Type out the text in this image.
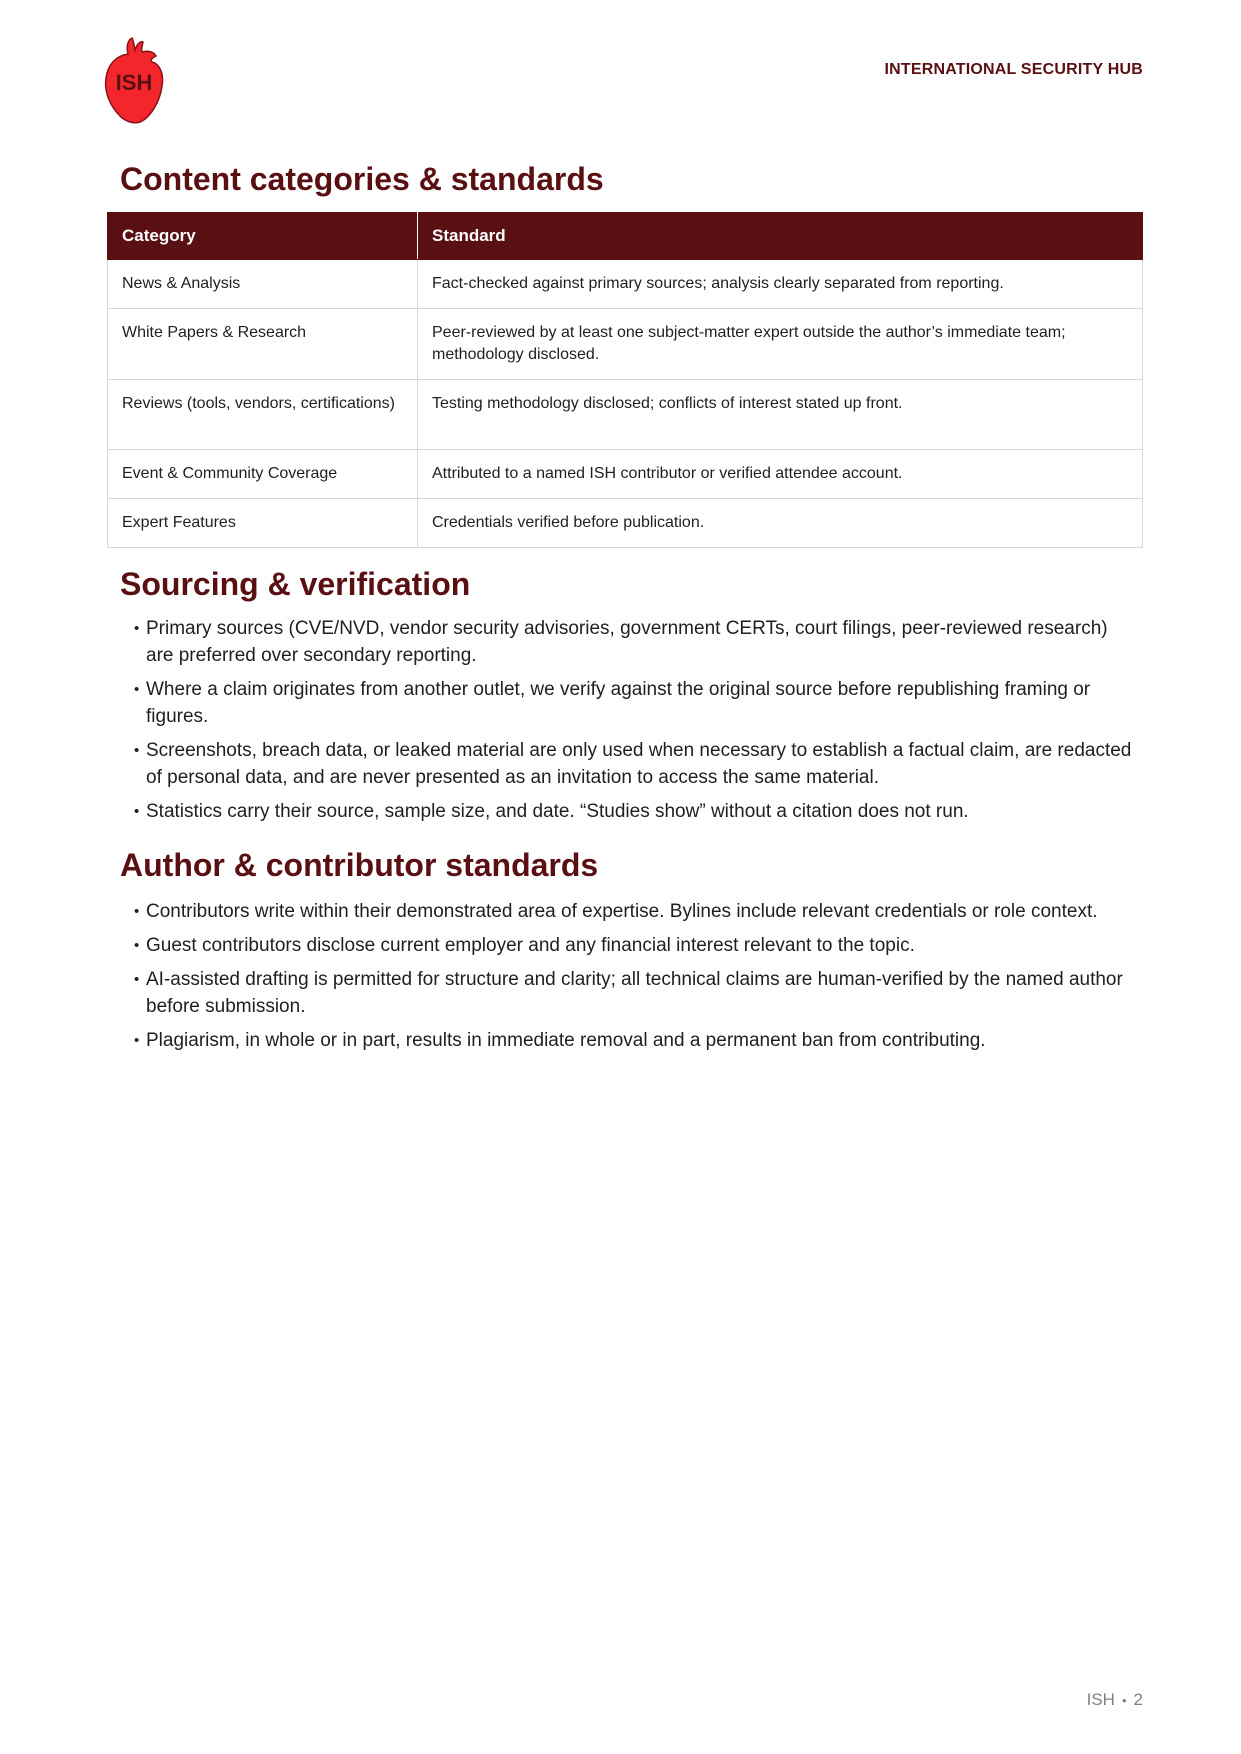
ISH
INTERNATIONAL SECURITY HUB
Content categories & standards
Category	Standard
News & Analysis	Fact-checked against primary sources; analysis clearly separated from reporting.
White Papers & Research	Peer-reviewed by at least one subject-matter expert outside the author’s immediate team; methodology disclosed.
Reviews (tools, vendors, certifications)	Testing methodology disclosed; conflicts of interest stated up front.
Event & Community Coverage	Attributed to a named ISH contributor or verified attendee account.
Expert Features	Credentials verified before publication.
Sourcing & verification
• Primary sources (CVE/NVD, vendor security advisories, government CERTs, court filings, peer-reviewed research) are preferred over secondary reporting.
• Where a claim originates from another outlet, we verify against the original source before republishing framing or figures.
• Screenshots, breach data, or leaked material are only used when necessary to establish a factual claim, are redacted of personal data, and are never presented as an invitation to access the same material.
• Statistics carry their source, sample size, and date. “Studies show” without a citation does not run.
Author & contributor standards
• Contributors write within their demonstrated area of expertise. Bylines include relevant credentials or role context.
• Guest contributors disclose current employer and any financial interest relevant to the topic.
• AI-assisted drafting is permitted for structure and clarity; all technical claims are human-verified by the named author before submission.
• Plagiarism, in whole or in part, results in immediate removal and a permanent ban from contributing.
ISH • 2
